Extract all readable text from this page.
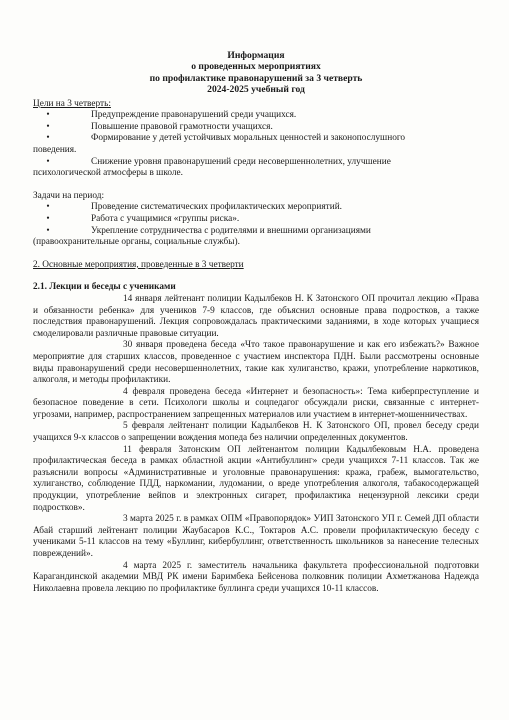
Информация
о проведенных мероприятиях
по профилактике правонарушений за 3 четверть
2024-2025 учебный год
Цели на 3 четверть:
•	Предупреждение правонарушений среди учащихся.
•	Повышение правовой грамотности учащихся.
•	Формирование у детей устойчивых моральных ценностей и законопослушного
поведения.
•	Снижение уровня правонарушений среди несовершеннолетних, улучшение
психологической атмосферы в школе.
Задачи на период:
•	Проведение систематических профилактических мероприятий.
•	Работа с учащимися «группы риска».
•	Укрепление сотрудничества с родителями и внешними организациями
(правоохранительные органы, социальные службы).
2. Основные мероприятия, проведенные в 3 четверти
2.1. Лекции и беседы с учениками
14 января лейтенант полиции Кадылбеков Н. К Затонского ОП прочитал лекцию «Права и обязанности ребенка» для учеников 7-9 классов, где объяснил основные права подростков, а также последствия правонарушений. Лекция сопровождалась практическими заданиями, в ходе которых учащиеся смоделировали различные правовые ситуации.
30 января проведена беседа «Что такое правонарушение и как его избежать?» Важное мероприятие для старших классов, проведенное с участием инспектора ПДН. Были рассмотрены основные виды правонарушений среди несовершеннолетних, такие как хулиганство, кражи, употребление наркотиков, алкоголя, и методы профилактики.
4 февраля проведена беседа «Интернет и безопасность»: Тема киберпреступление и безопасное поведение в сети. Психологи школы и соцпедагог обсуждали риски, связанные с интернет-угрозами, например, распространением запрещенных материалов или участием в интернет-мошенничествах.
5 февраля лейтенант полиции Кадылбеков Н. К Затонского ОП, провел беседу среди учащихся 9-х классов о запрещении вождения мопеда без наличии определенных документов.
11 февраля Затонским ОП лейтенантом полиции Кадылбековым Н.А. проведена профилактическая беседа в рамках областной акции «Антибуллинг» среди учащихся 7-11 классов. Так же разъяснили вопросы «Административные и уголовные правонарушения: кража, грабеж, вымогательство, хулиганство, соблюдение ПДД, наркомании, лудомании, о вреде употребления алкоголя, табакосодержащей продукции, употребление вейпов и электронных сигарет, профилактика нецензурной лексики среди подростков».
3 марта 2025 г. в рамках ОПМ «Правопорядок» УИП Затонского УП г. Семей ДП области Абай старший лейтенант полиции Жаубасаров К.С., Токтаров А.С. провели профилактическую беседу с учениками 5-11 классов на тему «Буллинг, кибербуллинг, ответственность школьников за нанесение телесных повреждений».
4 марта 2025 г. заместитель начальника факультета профессиональной подготовки Карагандинской академии МВД РК имени Баримбека Бейсенова полковник полиции Ахметжанова Надежда Николаевна провела лекцию по профилактике буллинга среди учащихся 10-11 классов.
